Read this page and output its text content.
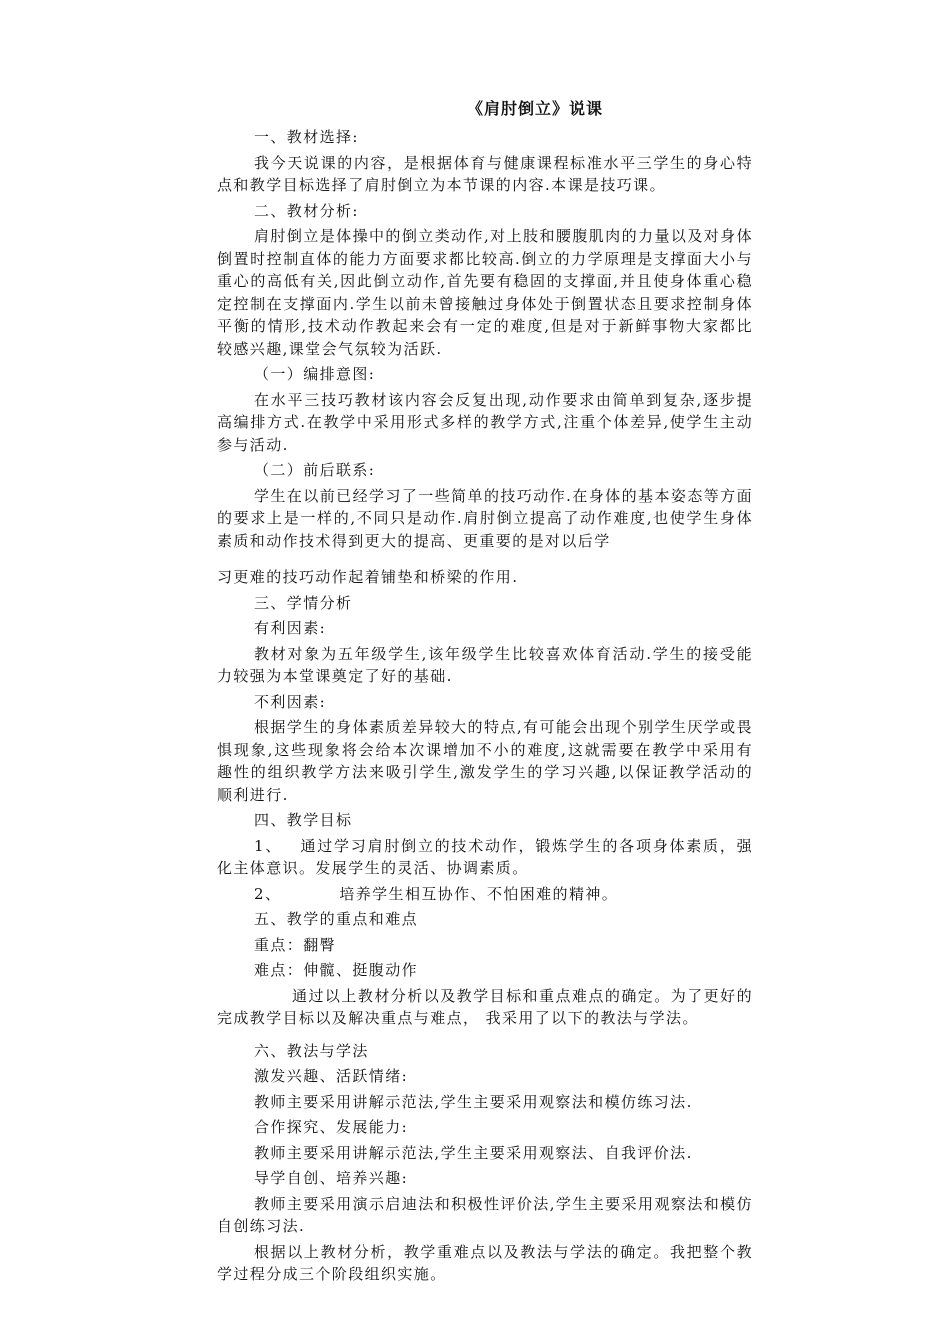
《肩肘倒立》说课

一、教材选择:

我今天说课的内容，是根据体育与健康课程标准水平三学生的身心特点和教学目标选择了肩肘倒立为本节课的内容.本课是技巧课。

二、教材分析:

肩肘倒立是体操中的倒立类动作,对上肢和腰腹肌肉的力量以及对身体倒置时控制直体的能力方面要求都比较高.倒立的力学原理是支撑面大小与重心的高低有关,因此倒立动作,首先要有稳固的支撑面,并且使身体重心稳定控制在支撑面内.学生以前未曾接触过身体处于倒置状态且要求控制身体平衡的情形,技术动作教起来会有一定的难度,但是对于新鲜事物大家都比较感兴趣,课堂会气氛较为活跃.

（一）编排意图:

在水平三技巧教材该内容会反复出现,动作要求由简单到复杂,逐步提高编排方式.在教学中采用形式多样的教学方式,注重个体差异,使学生主动参与活动.

（二）前后联系:

学生在以前已经学习了一些简单的技巧动作.在身体的基本姿态等方面的要求上是一样的,不同只是动作.肩肘倒立提高了动作难度,也使学生身体素质和动作技术得到更大的提高、更重要的是对以后学

习更难的技巧动作起着铺垫和桥梁的作用.

三、学情分析

有利因素:

教材对象为五年级学生,该年级学生比较喜欢体育活动.学生的接受能力较强为本堂课奠定了好的基础.

不利因素:

根据学生的身体素质差异较大的特点,有可能会出现个别学生厌学或畏惧现象,这些现象将会给本次课增加不小的难度,这就需要在教学中采用有趣性的组织教学方法来吸引学生,激发学生的学习兴趣,以保证教学活动的顺利进行.

四、教学目标

1、 通过学习肩肘倒立的技术动作，锻炼学生的各项身体素质，强化主体意识。发展学生的灵活、协调素质。

2、	培养学生相互协作、不怕困难的精神。

五、教学的重点和难点

重点：翻臀

难点：伸髋、挺腹动作

通过以上教材分析以及教学目标和重点难点的确定。为了更好的完成教学目标以及解决重点与难点， 我采用了以下的教法与学法。

六、教法与学法

激发兴趣、活跃情绪:

教师主要采用讲解示范法,学生主要采用观察法和模仿练习法.

合作探究、发展能力:

教师主要采用讲解示范法,学生主要采用观察法、自我评价法.

导学自创、培养兴趣:

教师主要采用演示启迪法和积极性评价法,学生主要采用观察法和模仿自创练习法.

根据以上教材分析，教学重难点以及教法与学法的确定。我把整个教学过程分成三个阶段组织实施。
